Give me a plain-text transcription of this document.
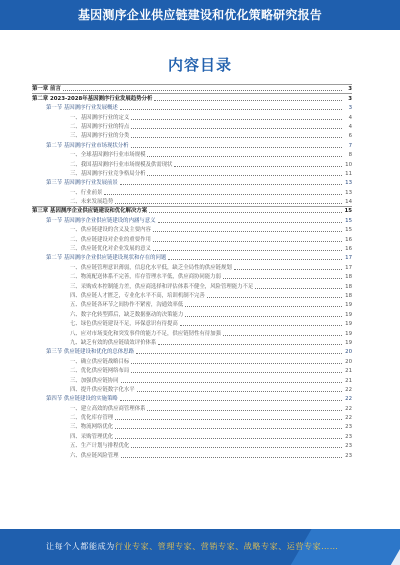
基因测序企业供应链建设和优化策略研究报告
内容目录
第一章 前言	3
第二章 2023-2028年基因测序行业发展趋势分析	3
第一节 基因测序行业发展概述	3
一、基因测序行业的定义	4
二、基因测序行业的特点	4
三、基因测序行业的分类	6
第二节 基因测序行业市场现状分析	7
一、全球基因测序行业市场规模	8
二、我国基因测序行业市场规模及供需现状	10
三、基因测序行业竞争格局分析	11
第三节 基因测序行业发展前景	13
一、行业前景	13
二、未来发展趋势	14
第三章 基因测序企业供应链建设和优化解决方案	15
第一节 基因测序企业供应链建设的内涵与意义	15
一、供应链建设的含义及主要内容	15
二、供应链建设对企业的重要作用	16
三、供应链优化对企业发展的意义	16
第二节 基因测序企业供应链建设现状和存在的问题	17
一、供应链管理意识薄弱，信息化水平低，缺乏全局性的供应链规划	17
二、物流配送体系不完善，库存管理水平低，供应商协同能力弱	18
三、采购成本控制能力差，供应商选择和评估体系不健全，风险管理能力不足	18
四、供应链人才匮乏，专业化水平不高，培训机制不完善	18
五、供应链各环节之间协作不紧密，沟通效率低	19
六、数字化转型滞后，缺乏数据驱动的决策能力	19
七、绿色供应链建设不足，环保意识有待提高	19
八、应对市场变化和突发事件的能力不足，供应链韧性有待加强	19
九、缺乏有效的供应链绩效评价体系	19
第三节 供应链建设和优化的总体思路	20
一、确立供应链战略目标	20
二、优化供应链网络布局	21
三、加强供应链协同	21
四、提升供应链数字化水平	22
第四节 供应链建设的实施策略	22
一、建立高效的供应商管理体系	22
二、优化库存管理	22
三、物流网络优化	23
四、采购管理优化	23
五、生产计划与排程优化	23
六、供应链风险管理	23
让每个人都能成为行业专家、管理专家、营销专家、战略专家、运营专家……
